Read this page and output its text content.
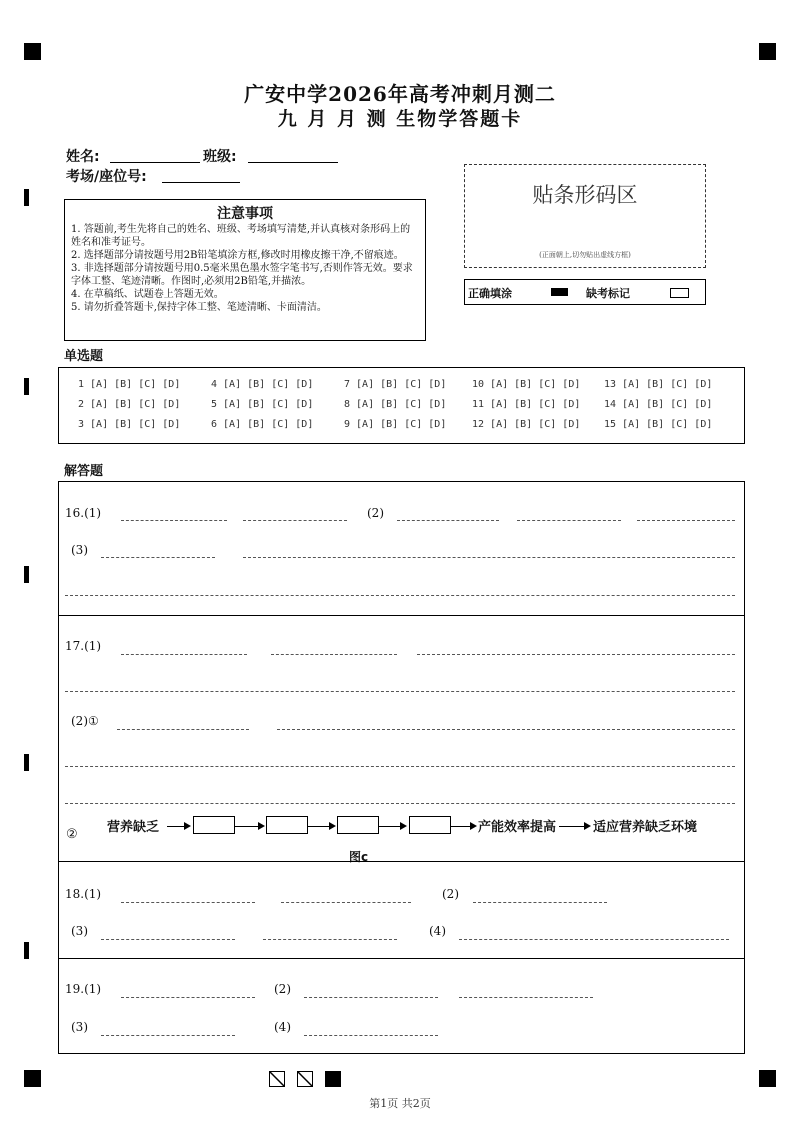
广安中学2026年高考冲刺月测二
九 月 月 测 生物学答题卡
姓名:	班级:
考场/座位号:
贴条形码区
(正面朝上,切勿贴出虚线方框)
正确填涂	缺考标记
注意事项
1. 答题前,考生先将自己的姓名、班级、考场填写清楚,并认真核对条形码上的姓名和准考证号。
2. 选择题部分请按题号用2B铅笔填涂方框,修改时用橡皮擦干净,不留痕迹。
3. 非选择题部分请按题号用0.5毫米黑色墨水签字笔书写,否则作答无效。要求字体工整、笔迹清晰。作图时,必须用2B铅笔,并描浓。
4. 在草稿纸、试题卷上答题无效。
5. 请勿折叠答题卡,保持字体工整、笔迹清晰、卡面清洁。
单选题
1 [A] [B] [C] [D]
2 [A] [B] [C] [D]
3 [A] [B] [C] [D]
4 [A] [B] [C] [D]
5 [A] [B] [C] [D]
6 [A] [B] [C] [D]
7 [A] [B] [C] [D]
8 [A] [B] [C] [D]
9 [A] [B] [C] [D]
10 [A] [B] [C] [D]
11 [A] [B] [C] [D]
12 [A] [B] [C] [D]
13 [A] [B] [C] [D]
14 [A] [B] [C] [D]
15 [A] [B] [C] [D]
解答题
16.(1)	(2)
(3)
17.(1)
(2)①
② 营养缺乏	产能效率提高	适应营养缺乏环境
图c
18.(1)	(2)
(3)	(4)
19.(1)	(2)
(3)	(4)
第1页 共2页
